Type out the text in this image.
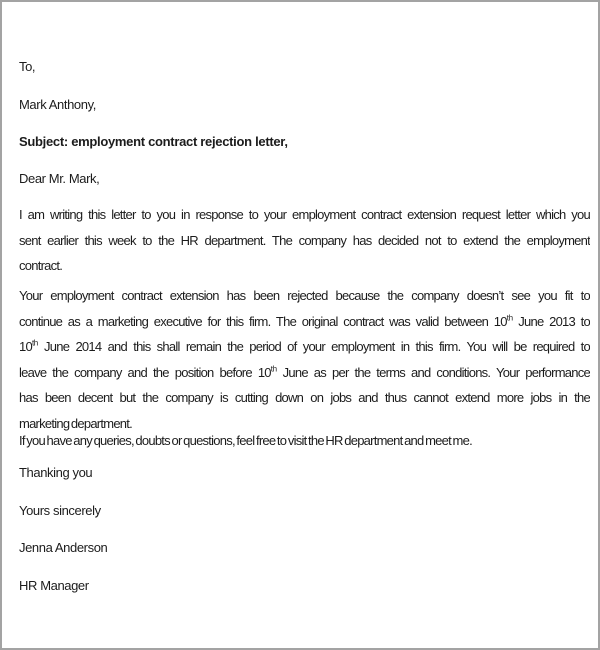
To,
Mark Anthony,
Subject: employment contract rejection letter,
Dear Mr. Mark,
I am writing this letter to you in response to your employment contract extension request letter which you
sent earlier this week to the HR department. The company has decided not to extend the employment
contract.
Your employment contract extension has been rejected because the company doesn’t see you fit to
continue as a marketing executive for this firm. The original contract was valid between 10th June 2013 to
10th June 2014 and this shall remain the period of your employment in this firm. You will be required to
leave the company and the position before 10th June as per the terms and conditions. Your performance
has been decent but the company is cutting down on jobs and thus cannot extend more jobs in the
marketing department.
If you have any queries, doubts or questions, feel free to visit the HR department and meet me.
Thanking you
Yours sincerely
Jenna Anderson
HR Manager
